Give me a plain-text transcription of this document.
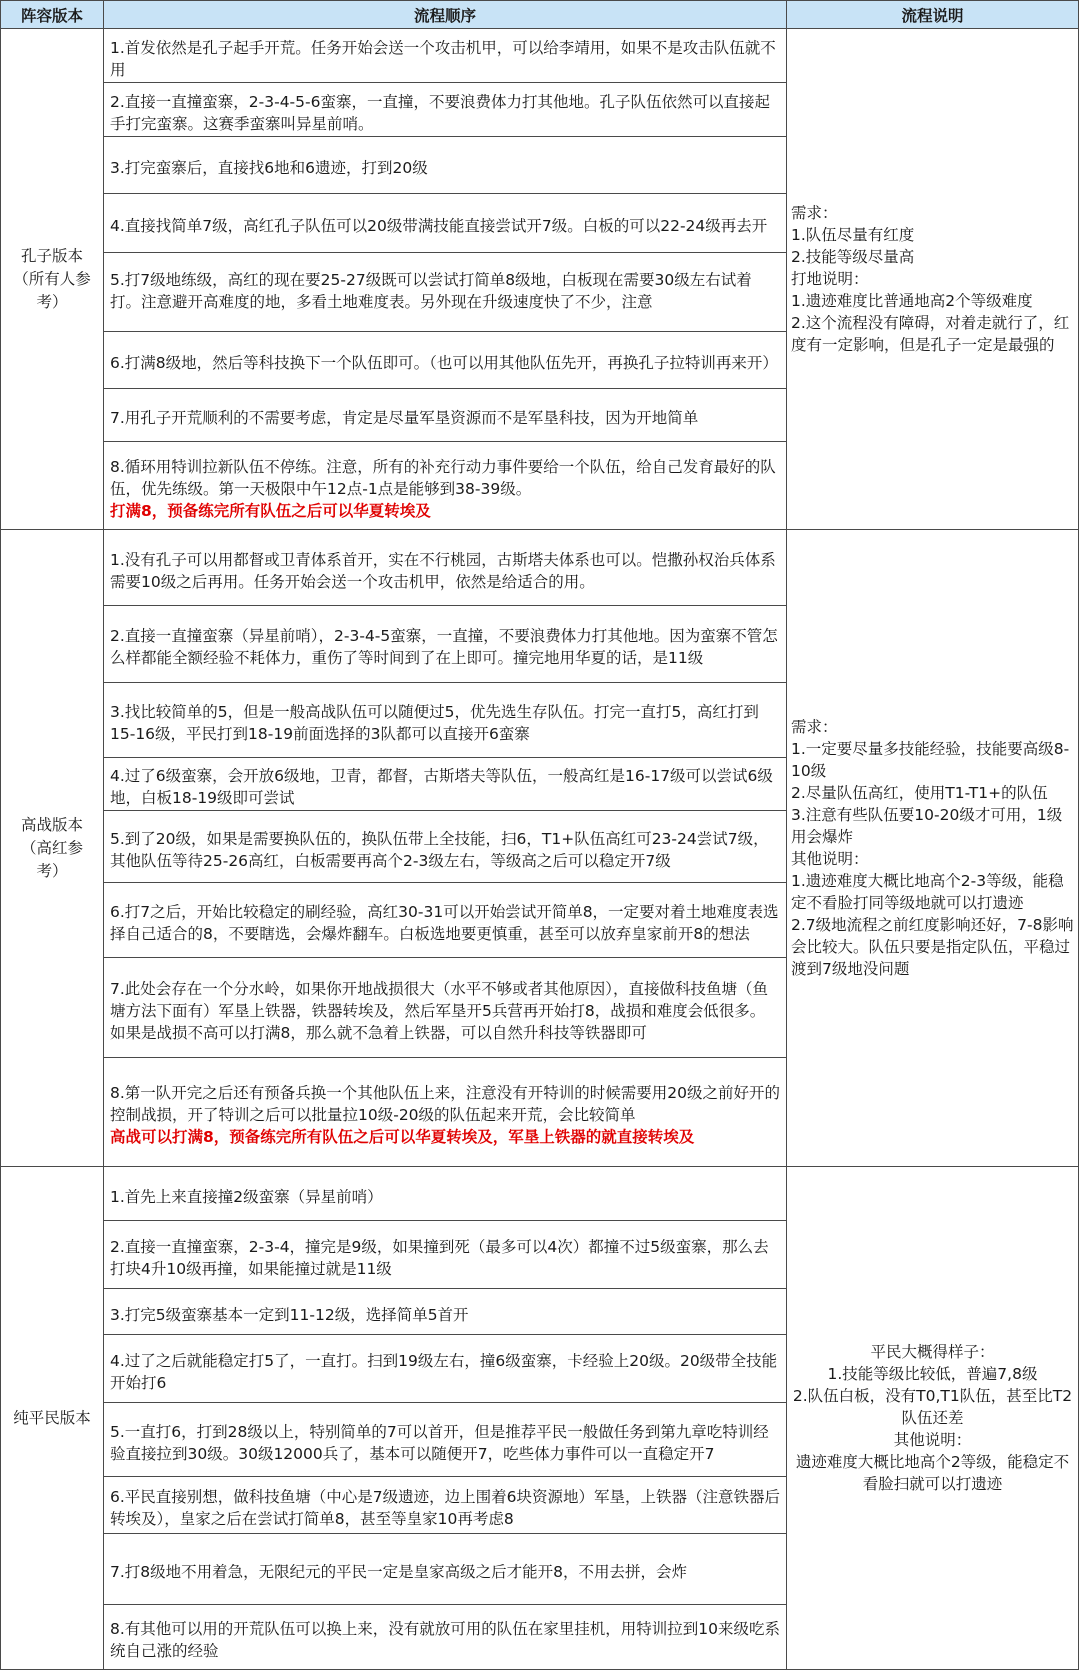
阵容版本	流程顺序	流程说明
孔子版本
（所有人参
考）
1.首发依然是孔子起手开荒。任务开始会送一个攻击机甲，可以给李靖用，如果不是攻击队伍就不用
2.直接一直撞蛮寨，2-3-4-5-6蛮寨，一直撞，不要浪费体力打其他地。孔子队伍依然可以直接起手打完蛮寨。这赛季蛮寨叫异星前哨。
3.打完蛮寨后，直接找6地和6遗迹，打到20级
4.直接找简单7级，高红孔子队伍可以20级带满技能直接尝试开7级。白板的可以22-24级再去开
5.打7级地练级，高红的现在要25-27级既可以尝试打简单8级地，白板现在需要30级左右试着打。注意避开高难度的地，多看土地难度表。另外现在升级速度快了不少，注意
6.打满8级地，然后等科技换下一个队伍即可。（也可以用其他队伍先开，再换孔子拉特训再来开）
7.用孔子开荒顺利的不需要考虑，肯定是尽量军垦资源而不是军垦科技，因为开地简单
8.循环用特训拉新队伍不停练。注意，所有的补充行动力事件要给一个队伍，给自己发育最好的队伍，优先练级。第一天极限中午12点-1点是能够到38-39级。
打满8，预备练完所有队伍之后可以华夏转埃及
需求：
1.队伍尽量有红度
2.技能等级尽量高
打地说明：
1.遗迹难度比普通地高2个等级难度
2.这个流程没有障碍，对着走就行了，红度有一定影响，但是孔子一定是最强的
高战版本
（高红参
考）
1.没有孔子可以用都督或卫青体系首开，实在不行桃园，古斯塔夫体系也可以。恺撒孙权治兵体系需要10级之后再用。任务开始会送一个攻击机甲，依然是给适合的用。
2.直接一直撞蛮寨（异星前哨），2-3-4-5蛮寨，一直撞，不要浪费体力打其他地。因为蛮寨不管怎么样都能全额经验不耗体力，重伤了等时间到了在上即可。撞完地用华夏的话，是11级
3.找比较简单的5，但是一般高战队伍可以随便过5，优先选生存队伍。打完一直打5，高红打到15-16级，平民打到18-19前面选择的3队都可以直接开6蛮寨
4.过了6级蛮寨，会开放6级地，卫青，都督，古斯塔夫等队伍，一般高红是16-17级可以尝试6级地，白板18-19级即可尝试
5.到了20级，如果是需要换队伍的，换队伍带上全技能，扫6，T1+队伍高红可23-24尝试7级，其他队伍等待25-26高红，白板需要再高个2-3级左右，等级高之后可以稳定开7级
6.打7之后，开始比较稳定的刷经验，高红30-31可以开始尝试开简单8，一定要对着土地难度表选择自己适合的8，不要瞎选，会爆炸翻车。白板选地要更慎重，甚至可以放弃皇家前开8的想法
7.此处会存在一个分水岭，如果你开地战损很大（水平不够或者其他原因），直接做科技鱼塘（鱼塘方法下面有）军垦上铁器，铁器转埃及，然后军垦开5兵营再开始打8，战损和难度会低很多。如果是战损不高可以打满8，那么就不急着上铁器，可以自然升科技等铁器即可
8.第一队开完之后还有预备兵换一个其他队伍上来，注意没有开特训的时候需要用20级之前好开的控制战损，开了特训之后可以批量拉10级-20级的队伍起来开荒，会比较简单
高战可以打满8，预备练完所有队伍之后可以华夏转埃及，军垦上铁器的就直接转埃及
需求：
1.一定要尽量多技能经验，技能要高级8-10级
2.尽量队伍高红，使用T1-T1+的队伍
3.注意有些队伍要10-20级才可用，1级用会爆炸
其他说明：
1.遗迹难度大概比地高个2-3等级，能稳定不看脸打同等级地就可以打遗迹
2.7级地流程之前红度影响还好，7-8影响会比较大。队伍只要是指定队伍，平稳过渡到7级地没问题
纯平民版本
1.首先上来直接撞2级蛮寨（异星前哨）
2.直接一直撞蛮寨，2-3-4，撞完是9级，如果撞到死（最多可以4次）都撞不过5级蛮寨，那么去打块4升10级再撞，如果能撞过就是11级
3.打完5级蛮寨基本一定到11-12级，选择简单5首开
4.过了之后就能稳定打5了，一直打。扫到19级左右，撞6级蛮寨，卡经验上20级。20级带全技能开始打6
5.一直打6，打到28级以上，特别简单的7可以首开，但是推荐平民一般做任务到第九章吃特训经验直接拉到30级。30级12000兵了，基本可以随便开7，吃些体力事件可以一直稳定开7
6.平民直接别想，做科技鱼塘（中心是7级遗迹，边上围着6块资源地）军垦，上铁器（注意铁器后转埃及），皇家之后在尝试打简单8，甚至等皇家10再考虑8
7.打8级地不用着急，无限纪元的平民一定是皇家高级之后才能开8，不用去拼，会炸
8.有其他可以用的开荒队伍可以换上来，没有就放可用的队伍在家里挂机，用特训拉到10来级吃系统自己涨的经验
平民大概得样子：
1.技能等级比较低，普遍7,8级
2.队伍白板，没有T0,T1队伍，甚至比T2队伍还差
其他说明：
遗迹难度大概比地高个2等级，能稳定不看脸扫就可以打遗迹
